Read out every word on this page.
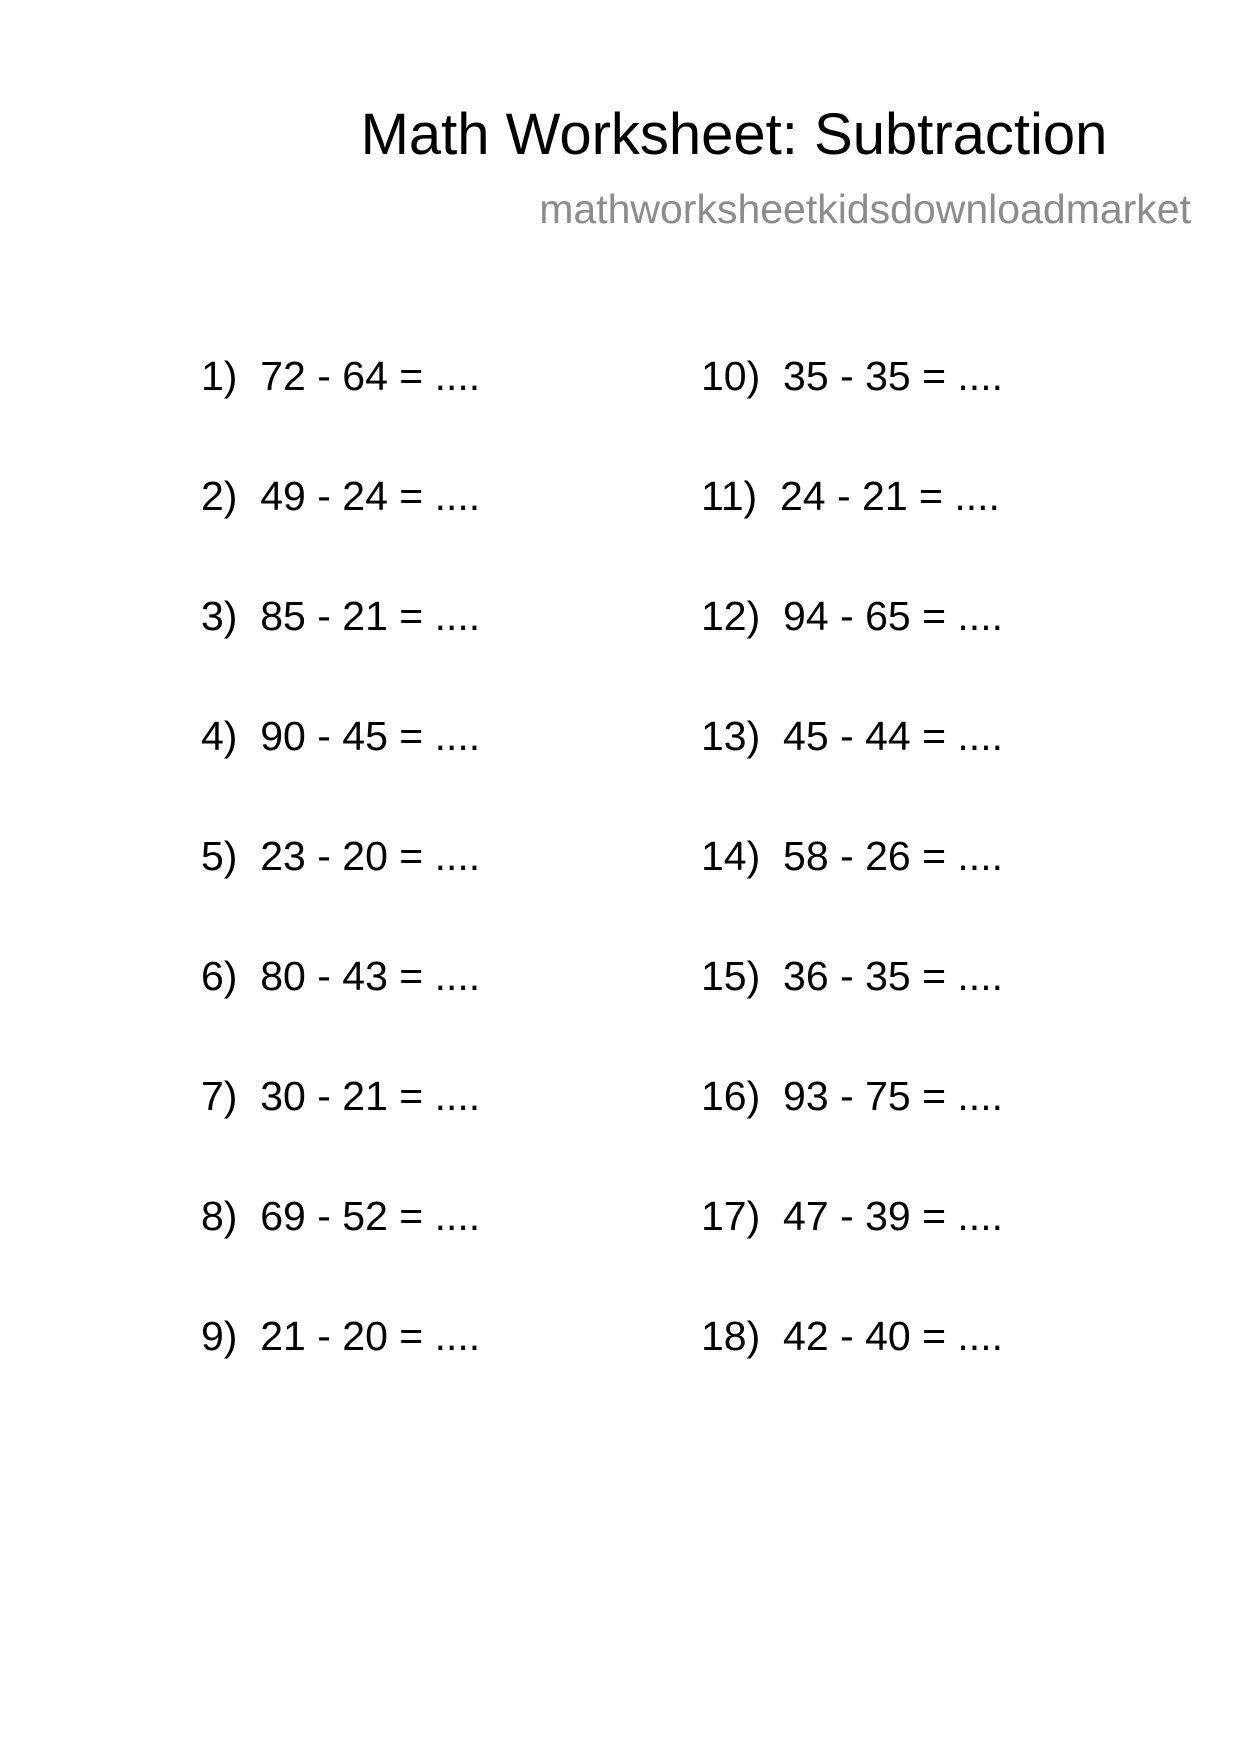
Math Worksheet: Subtraction
mathworksheetkidsdownloadmarket
1)  72 - 64 = ....
2)  49 - 24 = ....
3)  85 - 21 = ....
4)  90 - 45 = ....
5)  23 - 20 = ....
6)  80 - 43 = ....
7)  30 - 21 = ....
8)  69 - 52 = ....
9)  21 - 20 = ....
10)  35 - 35 = ....
11)  24 - 21 = ....
12)  94 - 65 = ....
13)  45 - 44 = ....
14)  58 - 26 = ....
15)  36 - 35 = ....
16)  93 - 75 = ....
17)  47 - 39 = ....
18)  42 - 40 = ....
